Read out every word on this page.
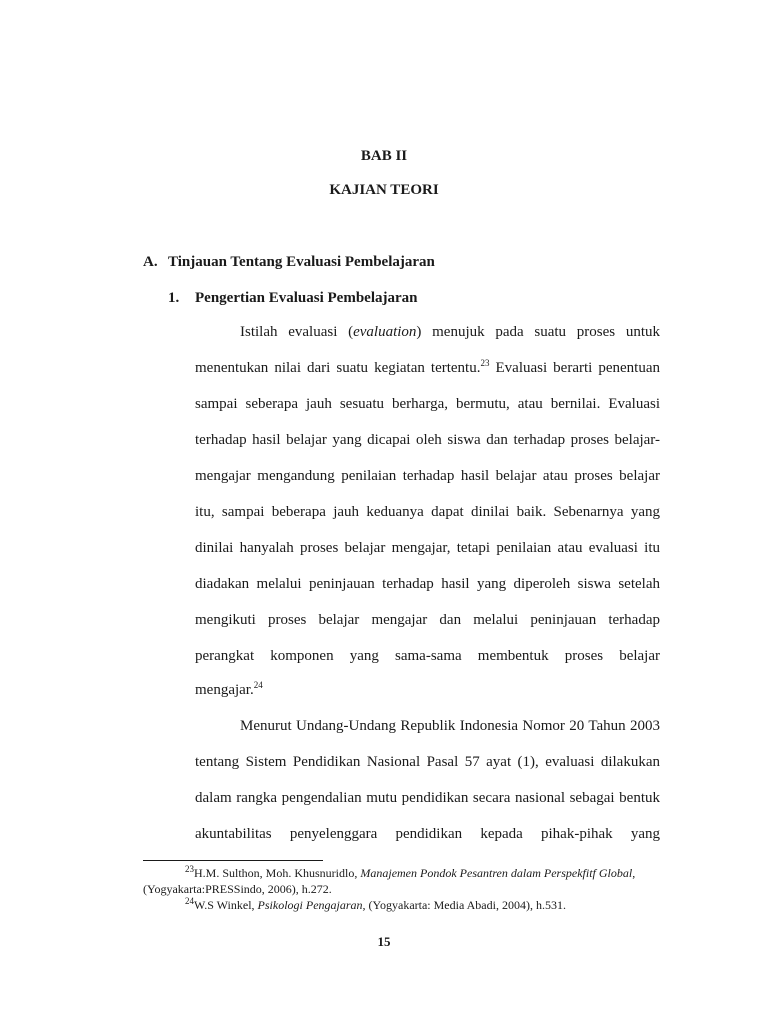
BAB II
KAJIAN TEORI
A. Tinjauan Tentang Evaluasi Pembelajaran
1. Pengertian Evaluasi Pembelajaran
Istilah evaluasi (evaluation) menujuk pada suatu proses untuk
menentukan nilai dari suatu kegiatan tertentu.$^{23}$ Evaluasi berarti penentuan
sampai seberapa jauh sesuatu berharga, bermutu, atau bernilai. Evaluasi
terhadap hasil belajar yang dicapai oleh siswa dan terhadap proses belajar-
mengajar mengandung penilaian terhadap hasil belajar atau proses belajar
itu, sampai beberapa jauh keduanya dapat dinilai baik. Sebenarnya yang
dinilai hanyalah proses belajar mengajar, tetapi penilaian atau evaluasi itu
diadakan melalui peninjauan terhadap hasil yang diperoleh siswa setelah
mengikuti proses belajar mengajar dan melalui peninjauan terhadap
perangkat komponen yang sama-sama membentuk proses belajar
mengajar.$^{24}$
Menurut Undang-Undang Republik Indonesia Nomor 20 Tahun 2003
tentang Sistem Pendidikan Nasional Pasal 57 ayat (1), evaluasi dilakukan
dalam rangka pengendalian mutu pendidikan secara nasional sebagai bentuk
akuntabilitas penyelenggara pendidikan kepada pihak-pihak yang
$^{23}$H.M. Sulthon, Moh. Khusnuridlo, Manajemen Pondok Pesantren dalam Perspekfitf Global,
(Yogyakarta:PRESSindo, 2006), h.272.
$^{24}$W.S Winkel, Psikologi Pengajaran, (Yogyakarta: Media Abadi, 2004), h.531.
15
